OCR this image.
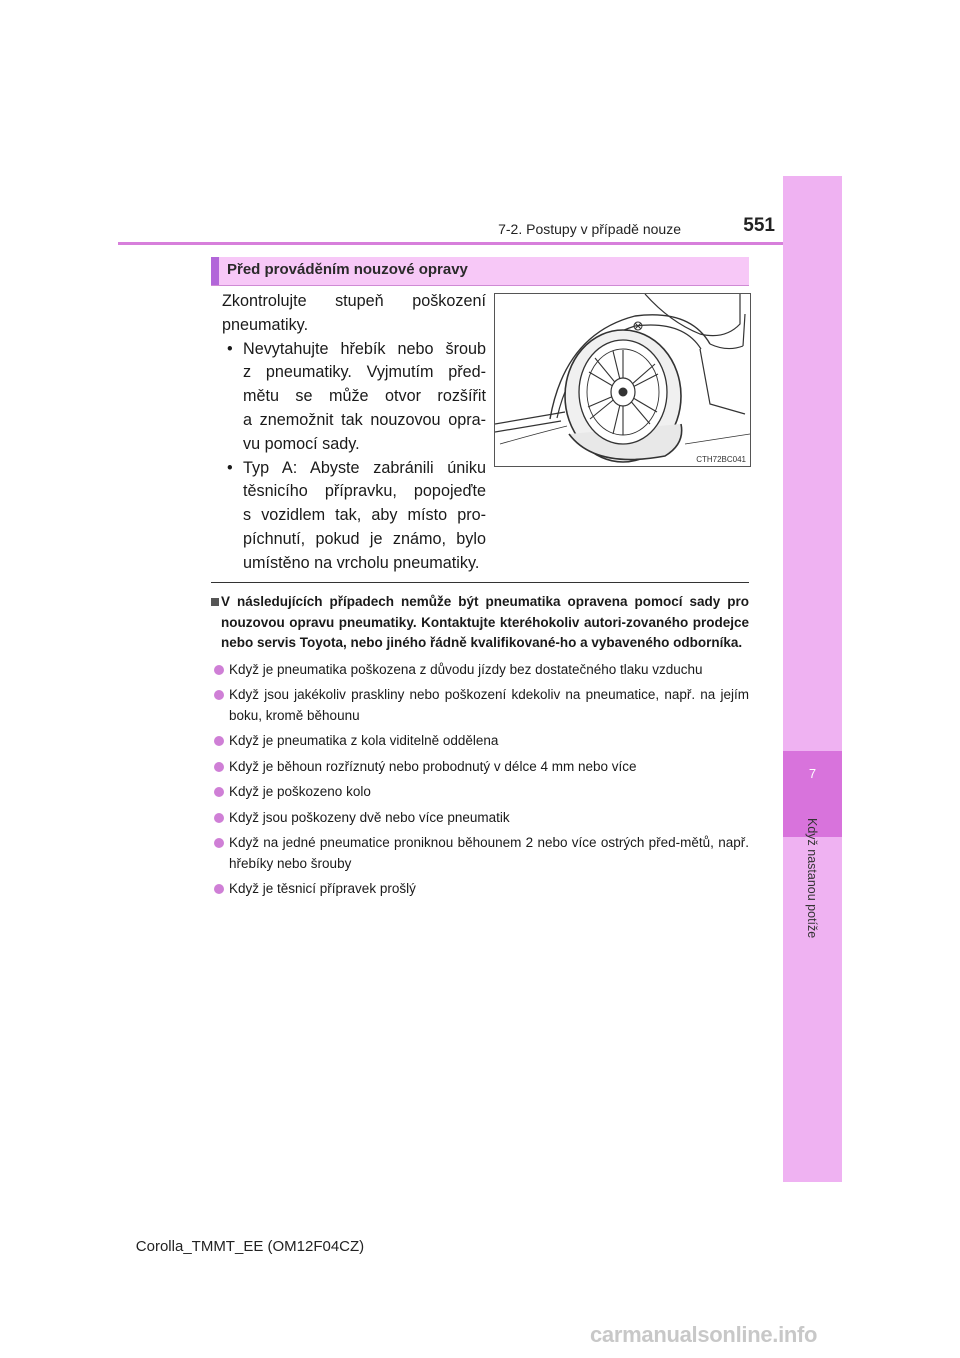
7
Když nastanou potíže
7-2. Postupy v případě nouze	551
Před prováděním nouzové opravy
Zkontrolujte stupeň poškození
pneumatiky.
• Nevytahujte hřebík nebo šroub
z pneumatiky. Vyjmutím před-
mětu se může otvor rozšířit
a znemožnit tak nouzovou opra-
vu pomocí sady.
• Typ A: Abyste zabránili úniku
těsnicího přípravku, popojeďte
s vozidlem tak, aby místo pro-
píchnutí, pokud je známo, bylo
umístěno na vrcholu pneumatiky.
CTH72BC041
V následujících případech nemůže být pneumatika opravena pomocí sady pro nouzovou opravu pneumatiky. Kontaktujte kteréhokoliv autori-zovaného prodejce nebo servis Toyota, nebo jiného řádně kvalifikované-ho a vybaveného odborníka.
Když je pneumatika poškozena z důvodu jízdy bez dostatečného tlaku vzduchu
Když jsou jakékoliv praskliny nebo poškození kdekoliv na pneumatice, např. na jejím boku, kromě běhounu
Když je pneumatika z kola viditelně oddělena
Když je běhoun rozříznutý nebo probodnutý v délce 4 mm nebo více
Když je poškozeno kolo
Když jsou poškozeny dvě nebo více pneumatik
Když na jedné pneumatice proniknou běhounem 2 nebo více ostrých před-mětů, např. hřebíky nebo šrouby
Když je těsnicí přípravek prošlý
Corolla_TMMT_EE (OM12F04CZ)
carmanualsonline.info
